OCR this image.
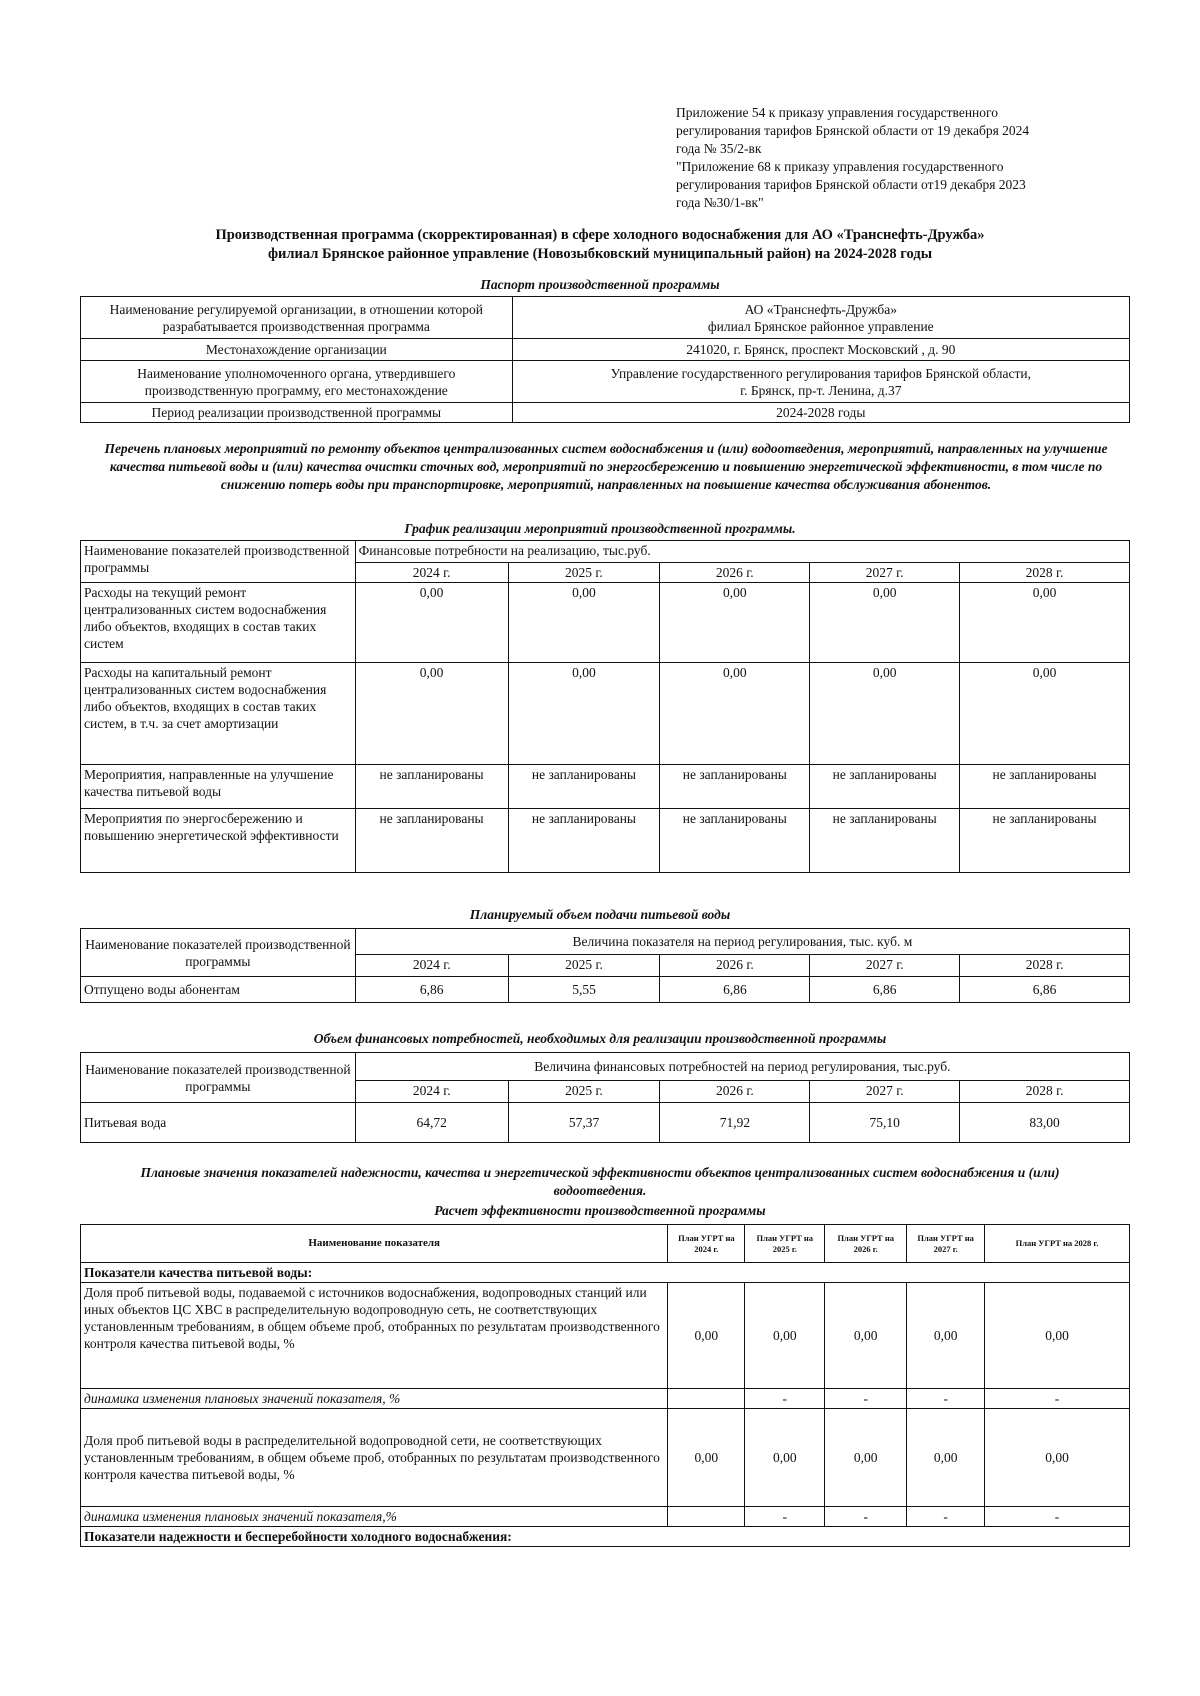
Приложение 54 к приказу управления государственного
регулирования тарифов Брянской области от 19 декабря 2024
года № 35/2-вк
"Приложение 68 к приказу управления государственного
регулирования тарифов Брянской области от19 декабря 2023
года №30/1-вк"
Производственная программа (скорректированная) в сфере холодного водоснабжения для АО «Транснефть-Дружба»
филиал Брянское районное управление (Новозыбковский муниципальный район) на 2024-2028 годы
Паспорт производственной программы
Наименование регулируемой организации, в отношении которой разрабатывается производственная программа	АО «Транснефть-Дружба»
филиал Брянское районное управление

Местонахождение организации	241020, г. Брянск, проспект Московский , д. 90
Наименование уполномоченного органа, утвердившего производственную программу, его местонахождение	Управление государственного регулирования тарифов Брянской области,
г. Брянск, пр-т. Ленина, д.37

Период реализации производственной программы	2024-2028 годы
Перечень плановых мероприятий по ремонту объектов централизованных систем водоснабжения и (или) водоотведения, мероприятий, направленных на улучшение качества питьевой воды и (или) качества очистки сточных вод, мероприятий по энергосбережению и повышению энергетической эффективности, в том числе по снижению потерь воды при транспортировке, мероприятий, направленных на повышение качества обслуживания абонентов.
График реализации мероприятий производственной программы.
Наименование показателей производственной программы	Финансовые потребности на реализацию, тыс.руб.				
	2024 г.	2025 г.	2026 г.	2027 г.	2028 г.
Расходы на текущий ремонт централизованных систем водоснабжения либо объектов, входящих в состав таких систем	0,00	0,00	0,00	0,00	0,00
Расходы на капитальный ремонт централизованных систем водоснабжения либо объектов, входящих в состав таких систем, в т.ч. за счет амортизации	0,00	0,00	0,00	0,00	0,00
Мероприятия, направленные на улучшение качества питьевой воды	не запланированы	не запланированы	не запланированы	не запланированы	не запланированы
Мероприятия по энергосбережению и повышению энергетической эффективности	не запланированы	не запланированы	не запланированы	не запланированы	не запланированы
Планируемый объем подачи питьевой воды
Наименование показателей производственной программы	Величина показателя на период регулирования, тыс. куб. м				
	2024 г.	2025 г.	2026 г.	2027 г.	2028 г.
Отпущено воды абонентам	6,86	5,55	6,86	6,86	6,86
Объем финансовых потребностей, необходимых для реализации производственной программы
Наименование показателей производственной программы	Величина финансовых потребностей на период регулирования, тыс.руб.				
	2024 г.	2025 г.	2026 г.	2027 г.	2028 г.
Питьевая вода	64,72	57,37	71,92	75,10	83,00
Плановые значения показателей надежности, качества и энергетической эффективности объектов централизованных систем водоснабжения и (или) водоотведения.
Расчет эффективности производственной программы
Наименование показателя	План УГРТ на 2024 г.	План УГРТ на 2025 г.	План УГРТ на 2026 г.	План УГРТ на 2027 г.	План УГРТ на 2028 г.
Показатели качества питьевой воды:					
Доля проб питьевой воды, подаваемой с источников водоснабжения, водопроводных станций или иных объектов ЦС ХВС в распределительную водопроводную сеть, не соответствующих установленным требованиям, в общем объеме проб, отобранных по результатам производственного контроля качества питьевой воды, %	0,00	0,00	0,00	0,00	0,00
динамика изменения плановых значений показателя, %		-	-	-	-
Доля проб питьевой воды в распределительной водопроводной сети, не соответствующих установленным требованиям, в общем объеме проб, отобранных по результатам производственного контроля качества питьевой воды, %	0,00	0,00	0,00	0,00	0,00
динамика изменения плановых значений показателя,%		-	-	-	-
Показатели надежности и бесперебойности холодного водоснабжения:					
